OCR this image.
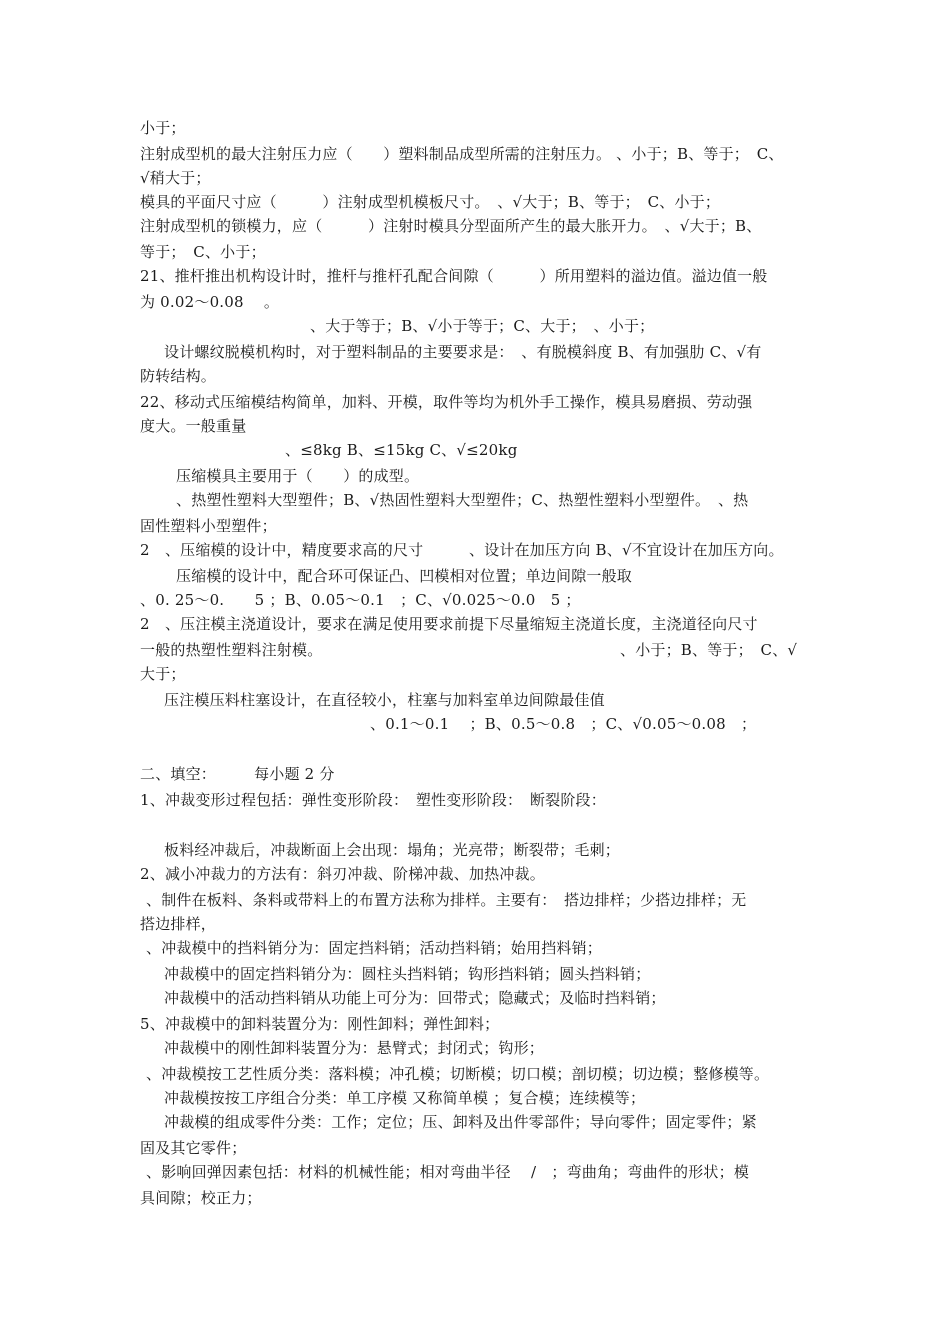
小于；
注射成型机的最大注射压力应（　　）塑料制品成型所需的注射压力。 、小于；B、等于；　C、
√稍大于；
模具的平面尺寸应（　　　）注射成型机模板尺寸。　、√大于；B、等于；　C、小于；
注射成型机的锁模力，应（　　　）注射时模具分型面所产生的最大胀开力。　、√大于；B、
等于；　C、小于；
21、推杆推出机构设计时，推杆与推杆孔配合间隙（　　　）所用塑料的溢边值。溢边值一般
为 0.02～0.08　 。
、大于等于；B、√小于等于；C、大于；　、小于；
设计螺纹脱模机构时，对于塑料制品的主要要求是：　、有脱模斜度 B、有加强肋 C、√有
防转结构。
22、移动式压缩模结构简单，加料、开模，取件等均为机外手工操作，模具易磨损、劳动强
度大。一般重量
、≤8kg B、≤15kg C、√≤20kg
压缩模具主要用于（　　）的成型。
、热塑性塑料大型塑件；B、√热固性塑料大型塑件；C、热塑性塑料小型塑件。　、热
固性塑料小型塑件；
2　、压缩模的设计中，精度要求高的尺寸　　　、设计在加压方向 B、√不宜设计在加压方向。
压缩模的设计中，配合环可保证凸、凹模相对位置；单边间隙一般取
、0. 25～0.　　5 ；B、0.05～0.1　；C、√0.025～0.0　5 ；
2　、压注模主浇道设计，要求在满足使用要求前提下尽量缩短主浇道长度，主浇道径向尺寸
一般的热塑性塑料注射模。	、小于；B、等于；　C、√
大于；
压注模压料柱塞设计，在直径较小，柱塞与加料室单边间隙最佳值
、0.1～0.1　 ；B、0.5～0.8　；C、√0.05～0.08　；
二、填空：　　　每小题 2 分
1、冲裁变形过程包括：弹性变形阶段：　塑性变形阶段：　断裂阶段：
板料经冲裁后，冲裁断面上会出现：塌角；光亮带；断裂带；毛刺；
2、减小冲裁力的方法有：斜刃冲裁、阶梯冲裁、加热冲裁。
、制件在板料、条料或带料上的布置方法称为排样。主要有：　搭边排样；少搭边排样；无
搭边排样，
、冲裁模中的挡料销分为：固定挡料销；活动挡料销；始用挡料销；
冲裁模中的固定挡料销分为：圆柱头挡料销；钩形挡料销；圆头挡料销；
冲裁模中的活动挡料销从功能上可分为：回带式；隐藏式；及临时挡料销；
5、冲裁模中的卸料装置分为：刚性卸料；弹性卸料；
冲裁模中的刚性卸料装置分为：悬臂式；封闭式；钩形；
、冲裁模按工艺性质分类：落料模；冲孔模；切断模；切口模；剖切模；切边模；整修模等。
冲裁模按按工序组合分类：单工序模 又称简单模 ；复合模；连续模等；
冲裁模的组成零件分类：工作；定位；压、卸料及出件零部件；导向零件；固定零件；紧
固及其它零件；
、影响回弹因素包括：材料的机械性能；相对弯曲半径　 /　；弯曲角；弯曲件的形状；模
具间隙；校正力；
